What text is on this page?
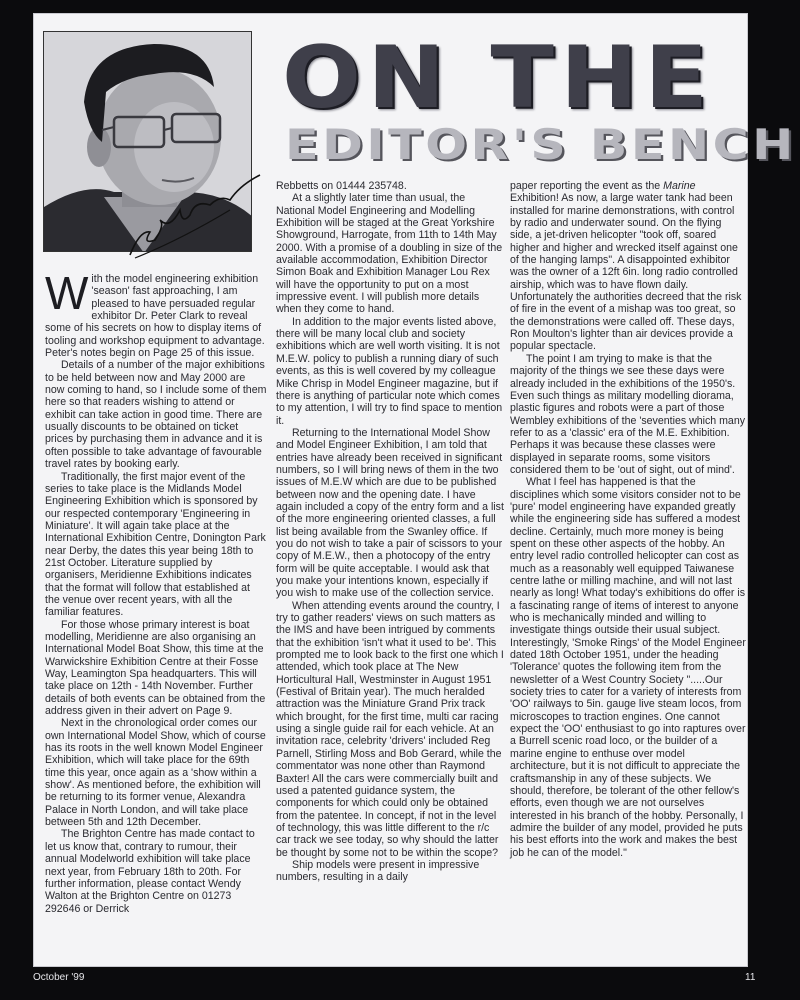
ON THE
EDITOR'S BENCH

With the model engineering exhibition 'season' fast approaching, I am pleased to have persuaded regular exhibitor Dr. Peter Clark to reveal some of his secrets on how to display items of tooling and workshop equipment to advantage. Peter's notes begin on Page 25 of this issue.

Details of a number of the major exhibitions to be held between now and May 2000 are now coming to hand, so I include some of them here so that readers wishing to attend or exhibit can take action in good time. There are usually discounts to be obtained on ticket prices by purchasing them in advance and it is often possible to take advantage of favourable travel rates by booking early.

Traditionally, the first major event of the series to take place is the Midlands Model Engineering Exhibition which is sponsored by our respected contemporary 'Engineering in Miniature'. It will again take place at the International Exhibition Centre, Donington Park near Derby, the dates this year being 18th to 21st October. Literature supplied by organisers, Meridienne Exhibitions indicates that the format will follow that established at the venue over recent years, with all the familiar features.

For those whose primary interest is boat modelling, Meridienne are also organising an International Model Boat Show, this time at the Warwickshire Exhibition Centre at their Fosse Way, Leamington Spa headquarters. This will take place on 12th - 14th November. Further details of both events can be obtained from the address given in their advert on Page 9.

Next in the chronological order comes our own International Model Show, which of course has its roots in the well known Model Engineer Exhibition, which will take place for the 69th time this year, once again as a 'show within a show'. As mentioned before, the exhibition will be returning to its former venue, Alexandra Palace in North London, and will take place between 5th and 12th December.

The Brighton Centre has made contact to let us know that, contrary to rumour, their annual Modelworld exhibition will take place next year, from February 18th to 20th. For further information, please contact Wendy Walton at the Brighton Centre on 01273 292646 or Derrick

Rebbetts on 01444 235748.

At a slightly later time than usual, the National Model Engineering and Modelling Exhibition will be staged at the Great Yorkshire Showground, Harrogate, from 11th to 14th May 2000. With a promise of a doubling in size of the available accommodation, Exhibition Director Simon Boak and Exhibition Manager Lou Rex will have the opportunity to put on a most impressive event. I will publish more details when they come to hand.

In addition to the major events listed above, there will be many local club and society exhibitions which are well worth visiting. It is not M.E.W. policy to publish a running diary of such events, as this is well covered by my colleague Mike Chrisp in Model Engineer magazine, but if there is anything of particular note which comes to my attention, I will try to find space to mention it.

Returning to the International Model Show and Model Engineer Exhibition, I am told that entries have already been received in significant numbers, so I will bring news of them in the two issues of M.E.W which are due to be published between now and the opening date. I have again included a copy of the entry form and a list of the more engineering oriented classes, a full list being available from the Swanley office. If you do not wish to take a pair of scissors to your copy of M.E.W., then a photocopy of the entry form will be quite acceptable. I would ask that you make your intentions known, especially if you wish to make use of the collection service.

When attending events around the country, I try to gather readers' views on such matters as the IMS and have been intrigued by comments that the exhibition 'isn't what it used to be'. This prompted me to look back to the first one which I attended, which took place at The New Horticultural Hall, Westminster in August 1951 (Festival of Britain year). The much heralded attraction was the Miniature Grand Prix track which brought, for the first time, multi car racing using a single guide rail for each vehicle. At an invitation race, celebrity 'drivers' included Reg Parnell, Stirling Moss and Bob Gerard, while the commentator was none other than Raymond Baxter! All the cars were commercially built and used a patented guidance system, the components for which could only be obtained from the patentee. In concept, if not in the level of technology, this was little different to the r/c car track we see today, so why should the latter be thought by some not to be within the scope?

Ship models were present in impressive numbers, resulting in a daily

paper reporting the event as the Marine Exhibition! As now, a large water tank had been installed for marine demonstrations, with control by radio and underwater sound. On the flying side, a jet-driven helicopter "took off, soared higher and higher and wrecked itself against one of the hanging lamps". A disappointed exhibitor was the owner of a 12ft 6in. long radio controlled airship, which was to have flown daily. Unfortunately the authorities decreed that the risk of fire in the event of a mishap was too great, so the demonstrations were called off. These days, Ron Moulton's lighter than air devices provide a popular spectacle.

The point I am trying to make is that the majority of the things we see these days were already included in the exhibitions of the 1950's. Even such things as military modelling diorama, plastic figures and robots were a part of those Wembley exhibitions of the 'seventies which many refer to as a 'classic' era of the M.E. Exhibition. Perhaps it was because these classes were displayed in separate rooms, some visitors considered them to be 'out of sight, out of mind'.

What I feel has happened is that the disciplines which some visitors consider not to be 'pure' model engineering have expanded greatly while the engineering side has suffered a modest decline. Certainly, much more money is being spent on these other aspects of the hobby. An entry level radio controlled helicopter can cost as much as a reasonably well equipped Taiwanese centre lathe or milling machine, and will not last nearly as long! What today's exhibitions do offer is a fascinating range of items of interest to anyone who is mechanically minded and willing to investigate things outside their usual subject. Interestingly, 'Smoke Rings' of the Model Engineer dated 18th October 1951, under the heading 'Tolerance' quotes the following item from the newsletter of a West Country Society ".....Our society tries to cater for a variety of interests from 'OO' railways to 5in. gauge live steam locos, from microscopes to traction engines. One cannot expect the 'OO' enthusiast to go into raptures over a Burrell scenic road loco, or the builder of a marine engine to enthuse over model architecture, but it is not difficult to appreciate the craftsmanship in any of these subjects. We should, therefore, be tolerant of the other fellow's efforts, even though we are not ourselves interested in his branch of the hobby. Personally, I admire the builder of any model, provided he puts his best efforts into the work and makes the best job he can of the model."

October '99	11
